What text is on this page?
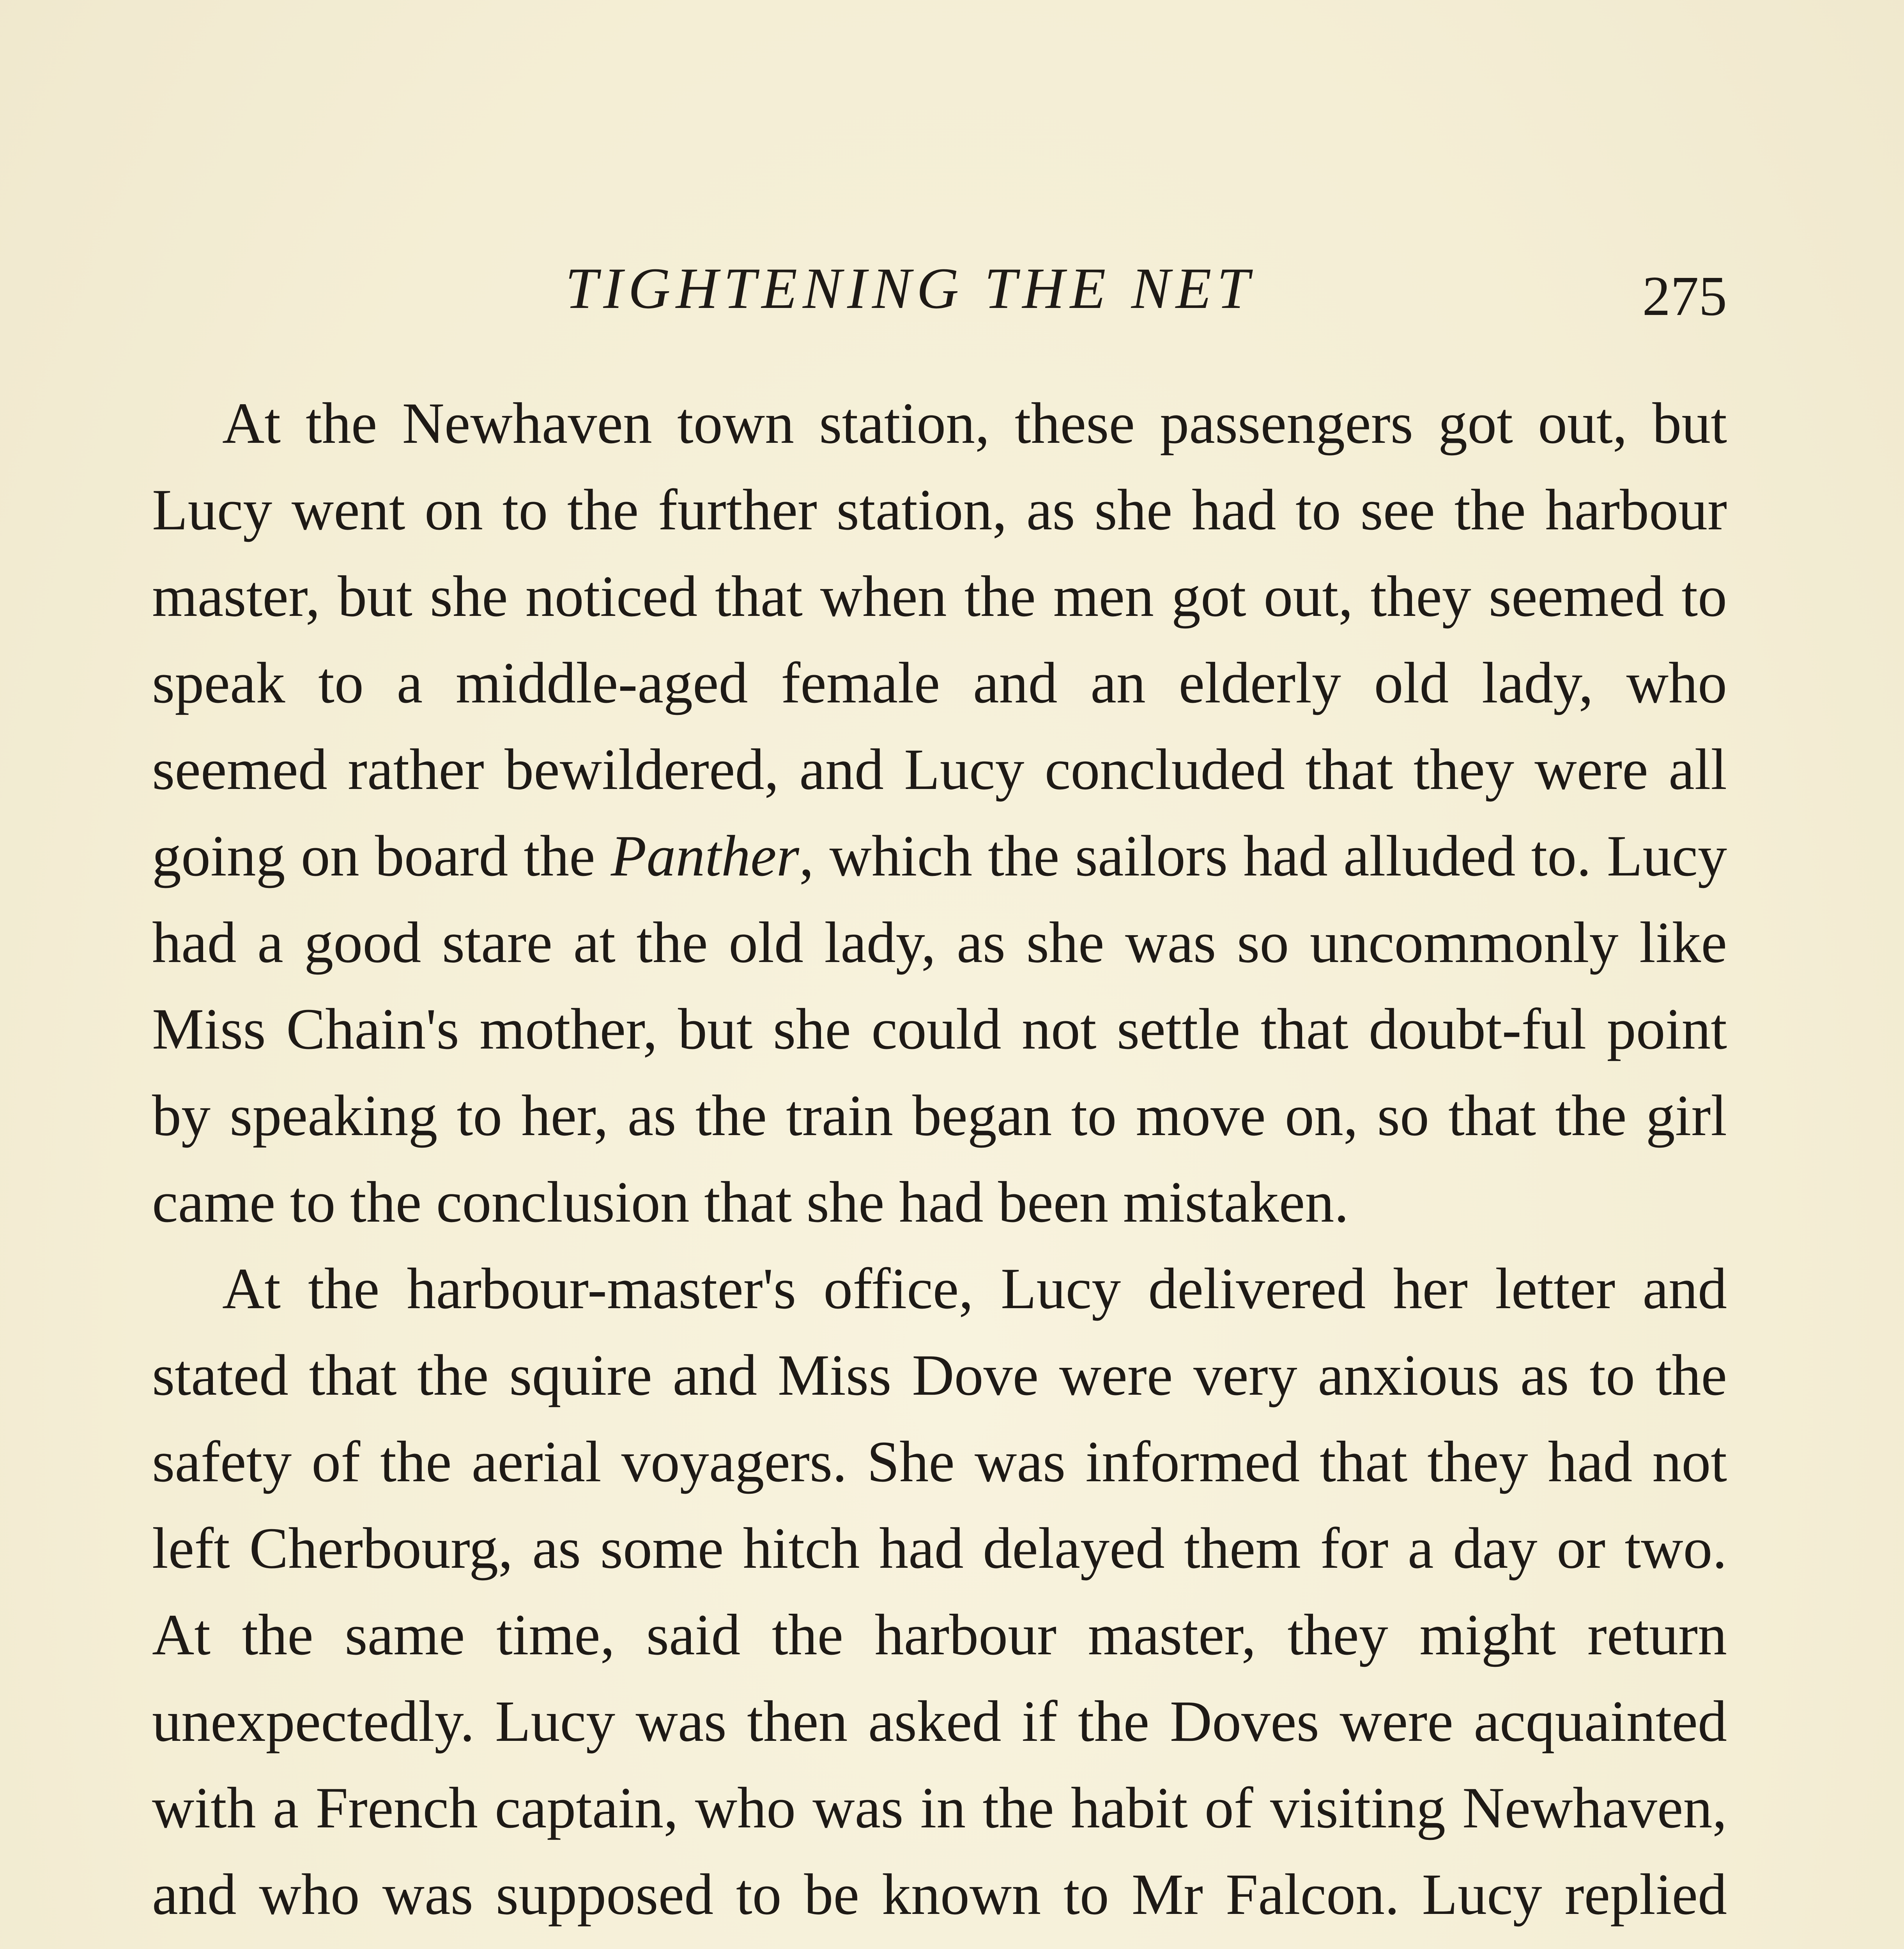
TIGHTENING THE NET	275

At the Newhaven town station, these passengers got out, but Lucy went on to the further station, as she had to see the harbour master, but she noticed that when the men got out, they seemed to speak to a middle-aged female and an elderly old lady, who seemed rather bewildered, and Lucy concluded that they were all going on board the Panther, which the sailors had alluded to. Lucy had a good stare at the old lady, as she was so uncommonly like Miss Chain's mother, but she could not settle that doubt-ful point by speaking to her, as the train began to move on, so that the girl came to the conclusion that she had been mistaken.

At the harbour-master's office, Lucy delivered her letter and stated that the squire and Miss Dove were very anxious as to the safety of the aerial voyagers. She was informed that they had not left Cherbourg, as some hitch had delayed them for a day or two. At the same time, said the harbour master, they might return unexpectedly. Lucy was then asked if the Doves were acquainted with a French captain, who was in the habit of visiting Newhaven, and who was supposed to be known to Mr Falcon. Lucy replied
